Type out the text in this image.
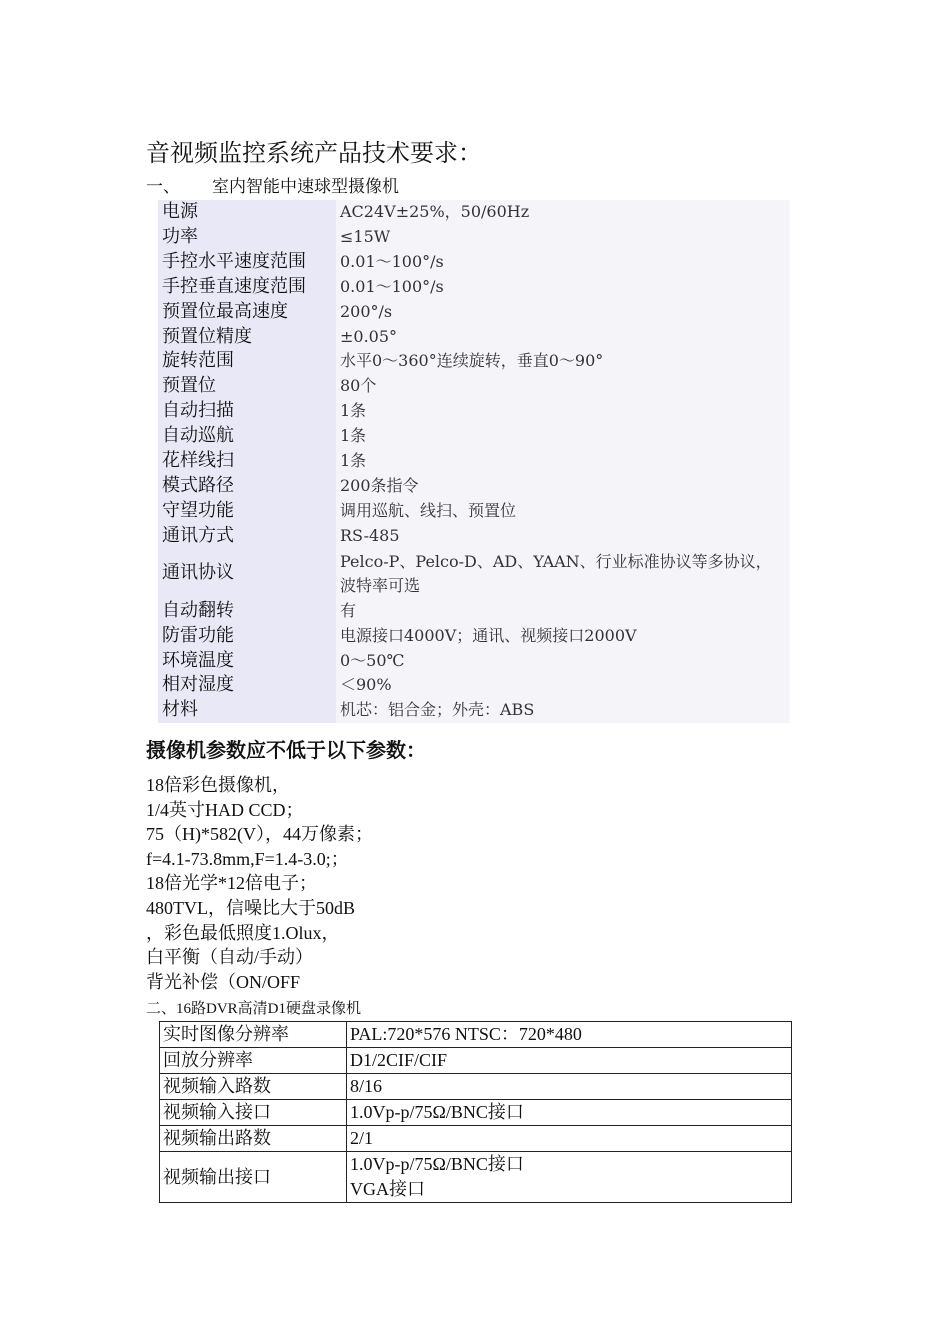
音视频监控系统产品技术要求：
一、 室内智能中速球型摄像机
电源	AC24V±25%，50/60Hz
功率	≤15W
手控水平速度范围	0.01～100°/s
手控垂直速度范围	0.01～100°/s
预置位最高速度	200°/s
预置位精度	±0.05°
旋转范围	水平0～360°连续旋转，垂直0～90°
预置位	80个
自动扫描	1条
自动巡航	1条
花样线扫	1条
模式路径	200条指令
守望功能	调用巡航、线扫、预置位
通讯方式	RS-485
通讯协议	Pelco-P、Pelco-D、AD、YAAN、行业标准协议等多协议，波特率可选
自动翻转	有
防雷功能	电源接口4000V；通讯、视频接口2000V
环境温度	0～50℃
相对湿度	＜90%
材料	机芯：铝合金；外壳：ABS
摄像机参数应不低于以下参数：
18倍彩色摄像机，
1/4英寸HAD CCD；
75（H)*582(V），44万像素；
f=4.1-73.8mm,F=1.4-3.0;；
18倍光学*12倍电子；
480TVL，信噪比大于50dB
，彩色最低照度1.Olux，
白平衡（自动/手动）
背光补偿（ON/OFF
二、16路DVR高清D1硬盘录像机
实时图像分辨率	PAL:720*576 NTSC：720*480

回放分辨率	D1/2CIF/CIF

视频输入路数	8/16

视频输入接口	1.0Vp-p/75Ω/BNC接口

视频输出路数	2/1

视频输出接口	1.0Vp-p/75Ω/BNC接口
VGA接口
